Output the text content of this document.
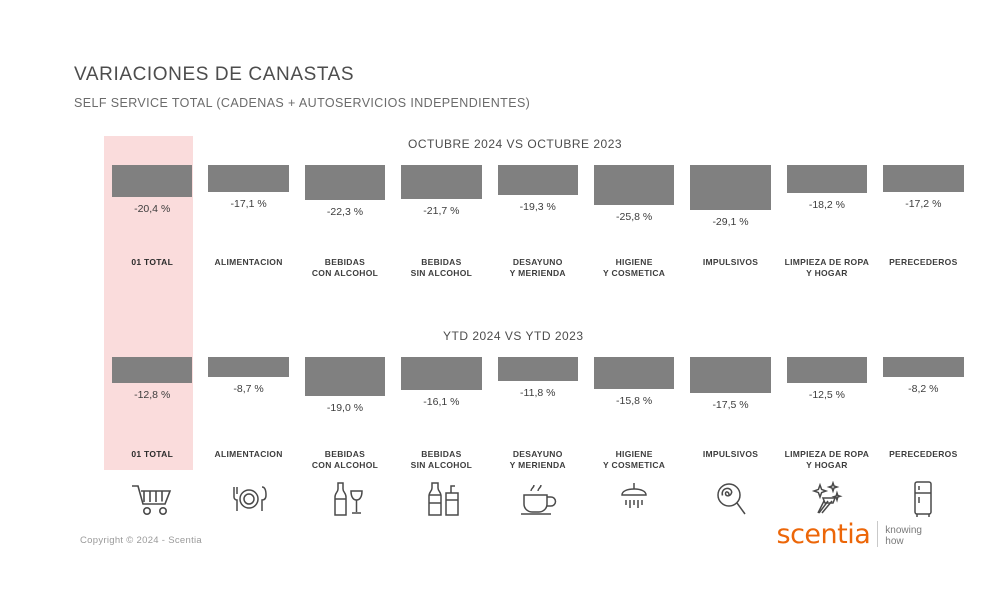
VARIACIONES DE CANASTAS
SELF SERVICE TOTAL (CADENAS + AUTOSERVICIOS INDEPENDIENTES)
OCTUBRE 2024 VS OCTUBRE 2023
-20,4 %
01 TOTAL
-17,1 %
ALIMENTACION
-22,3 %
BEBIDAS
CON ALCOHOL
-21,7 %
BEBIDAS
SIN ALCOHOL
-19,3 %
DESAYUNO
Y MERIENDA
-25,8 %
HIGIENE
Y COSMETICA
-29,1 %
IMPULSIVOS
-18,2 %
LIMPIEZA DE ROPA
Y HOGAR
-17,2 %
PERECEDEROS
YTD 2024 VS YTD 2023
-12,8 %
01 TOTAL
-8,7 %
ALIMENTACION
-19,0 %
BEBIDAS
CON ALCOHOL
-16,1 %
BEBIDAS
SIN ALCOHOL
-11,8 %
DESAYUNO
Y MERIENDA
-15,8 %
HIGIENE
Y COSMETICA
-17,5 %
IMPULSIVOS
-12,5 %
LIMPIEZA DE ROPA
Y HOGAR
-8,2 %
PERECEDEROS
Copyright © 2024 - Scentia	scentia knowing
how
